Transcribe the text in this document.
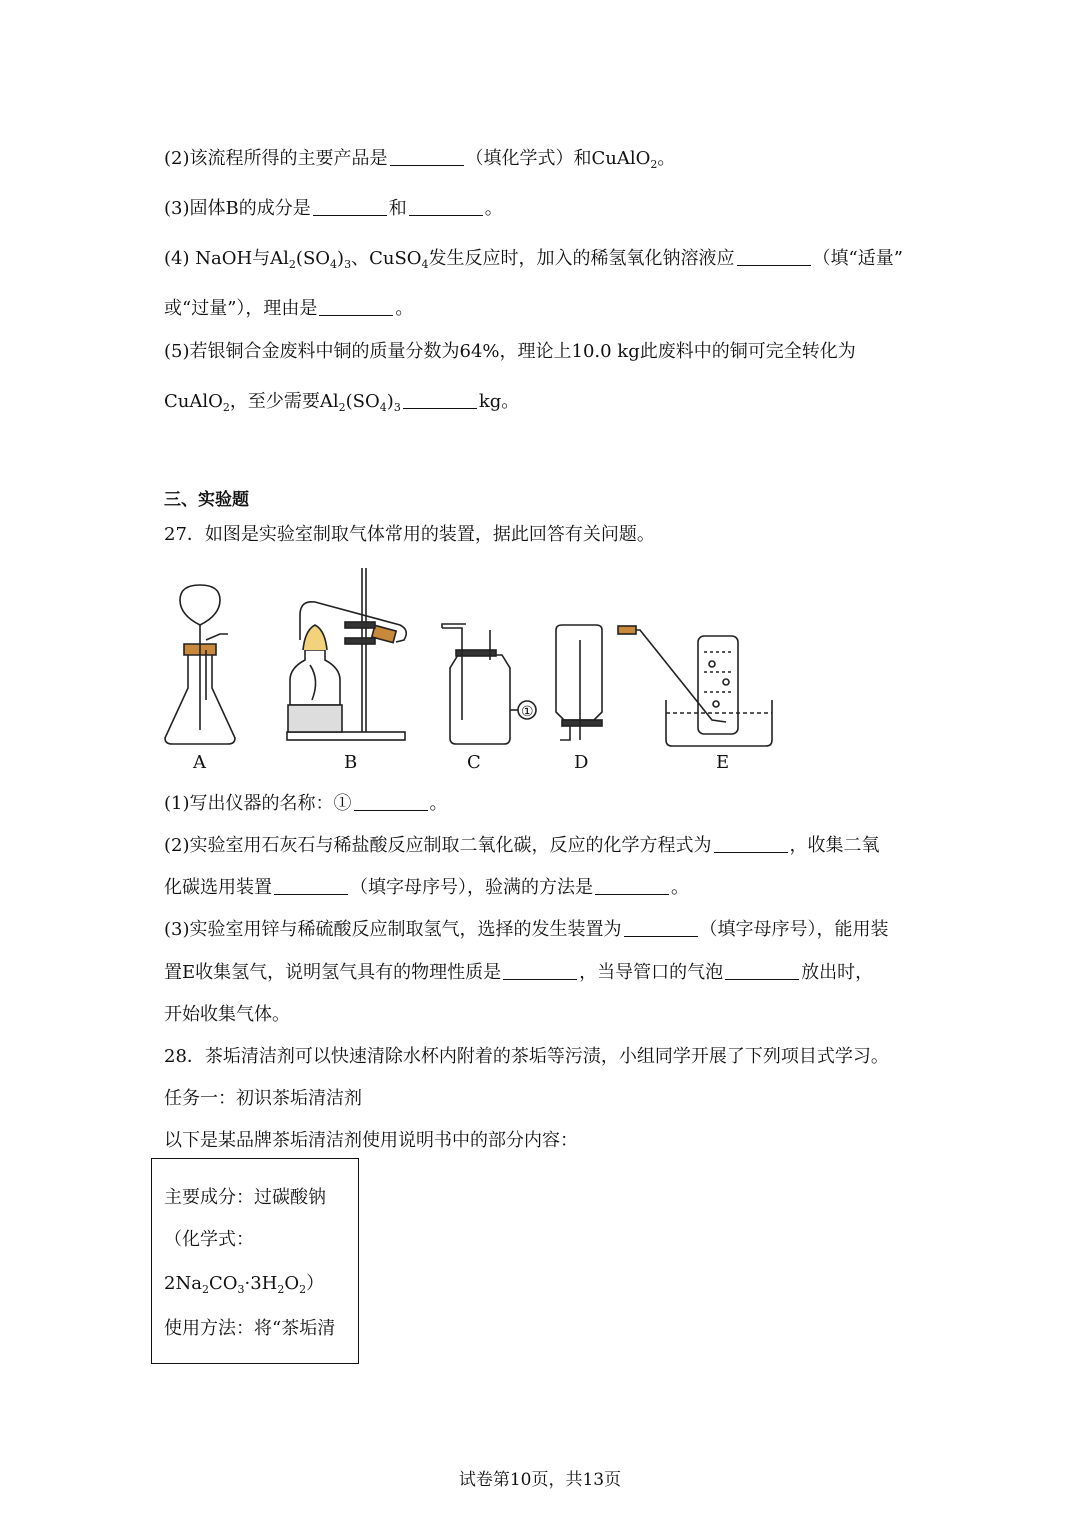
(2)该流程所得的主要产品是	（填化学式）和CuAlO$_2$。
(3)固体B的成分是	和	。
(4) NaOH与$Al_2(SO_4)_3$、CuSO$_4$发生反应时，加入的稀氢氧化钠溶液应	（填“适量”
或“过量”），理由是	。
(5)若银铜合金废料中铜的质量分数为64%，理论上10.0 kg此废料中的铜可完全转化为
CuAlO$_2$，至少需要$Al_2(SO_4)_3$	kg。
三、实验题
27．如图是实验室制取气体常用的装置，据此回答有关问题。
①
A	B	C	D	E
(1)写出仪器的名称：①	。
(2)实验室用石灰石与稀盐酸反应制取二氧化碳，反应的化学方程式为	，收集二氧
化碳选用装置	（填字母序号），验满的方法是	。
(3)实验室用锌与稀硫酸反应制取氢气，选择的发生装置为	（填字母序号），能用装
置E收集氢气，说明氢气具有的物理性质是	，当导管口的气泡	放出时，
开始收集气体。
28．茶垢清洁剂可以快速清除水杯内附着的茶垢等污渍，小组同学开展了下列项目式学习。
任务一：初识茶垢清洁剂
以下是某品牌茶垢清洁剂使用说明书中的部分内容：
主要成分：过碳酸钠
（化学式：
$2Na_2CO_3\cdot 3H_2O_2$）
使用方法：将“茶垢清
试卷第10页，共13页
